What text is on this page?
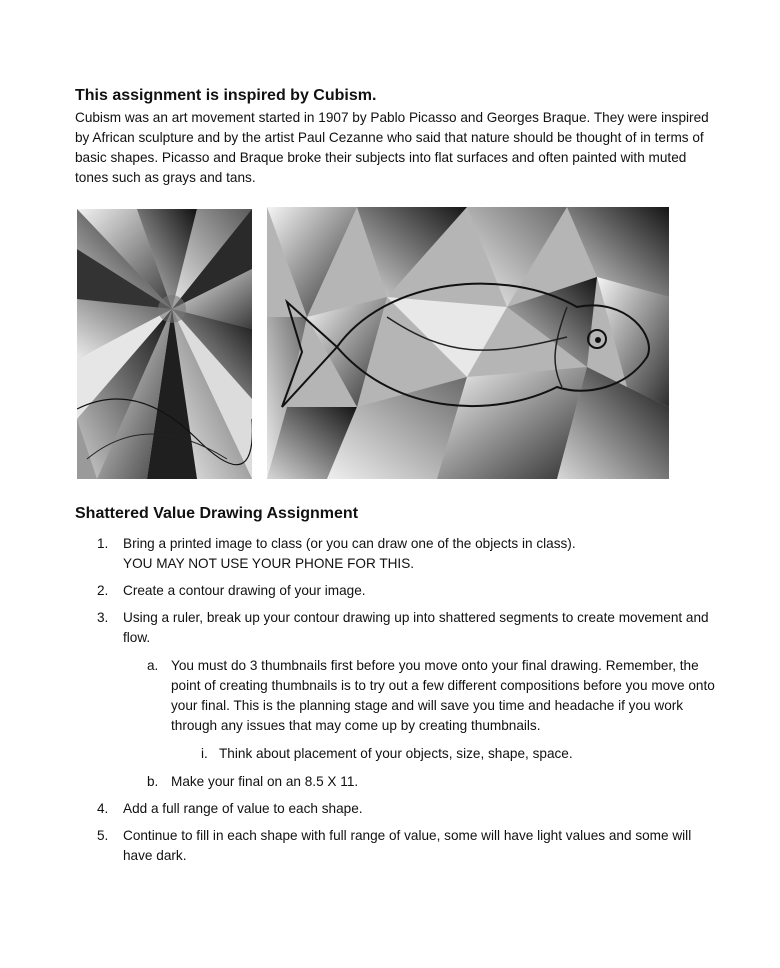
This assignment is inspired by Cubism.

Cubism was an art movement started in 1907 by Pablo Picasso and Georges Braque. They were inspired by African sculpture and by the artist Paul Cezanne who said that nature should be thought of in terms of basic shapes. Picasso and Braque broke their subjects into flat surfaces and often painted with muted tones such as grays and tans.

Shattered Value Drawing Assignment
1. Bring a printed image to class (or you can draw one of the objects in class).
YOU MAY NOT USE YOUR PHONE FOR THIS.
2. Create a contour drawing of your image.
3. Using a ruler, break up your contour drawing up into shattered segments to create movement and flow.
a. You must do 3 thumbnails first before you move onto your final drawing. Remember, the point of creating thumbnails is to try out a few different compositions before you move onto your final. This is the planning stage and will save you time and headache if you work through any issues that may come up by creating thumbnails.
i. Think about placement of your objects, size, shape, space.
b. Make your final on an 8.5 X 11.
4. Add a full range of value to each shape.
5. Continue to fill in each shape with full range of value, some will have light values and some will have dark.
